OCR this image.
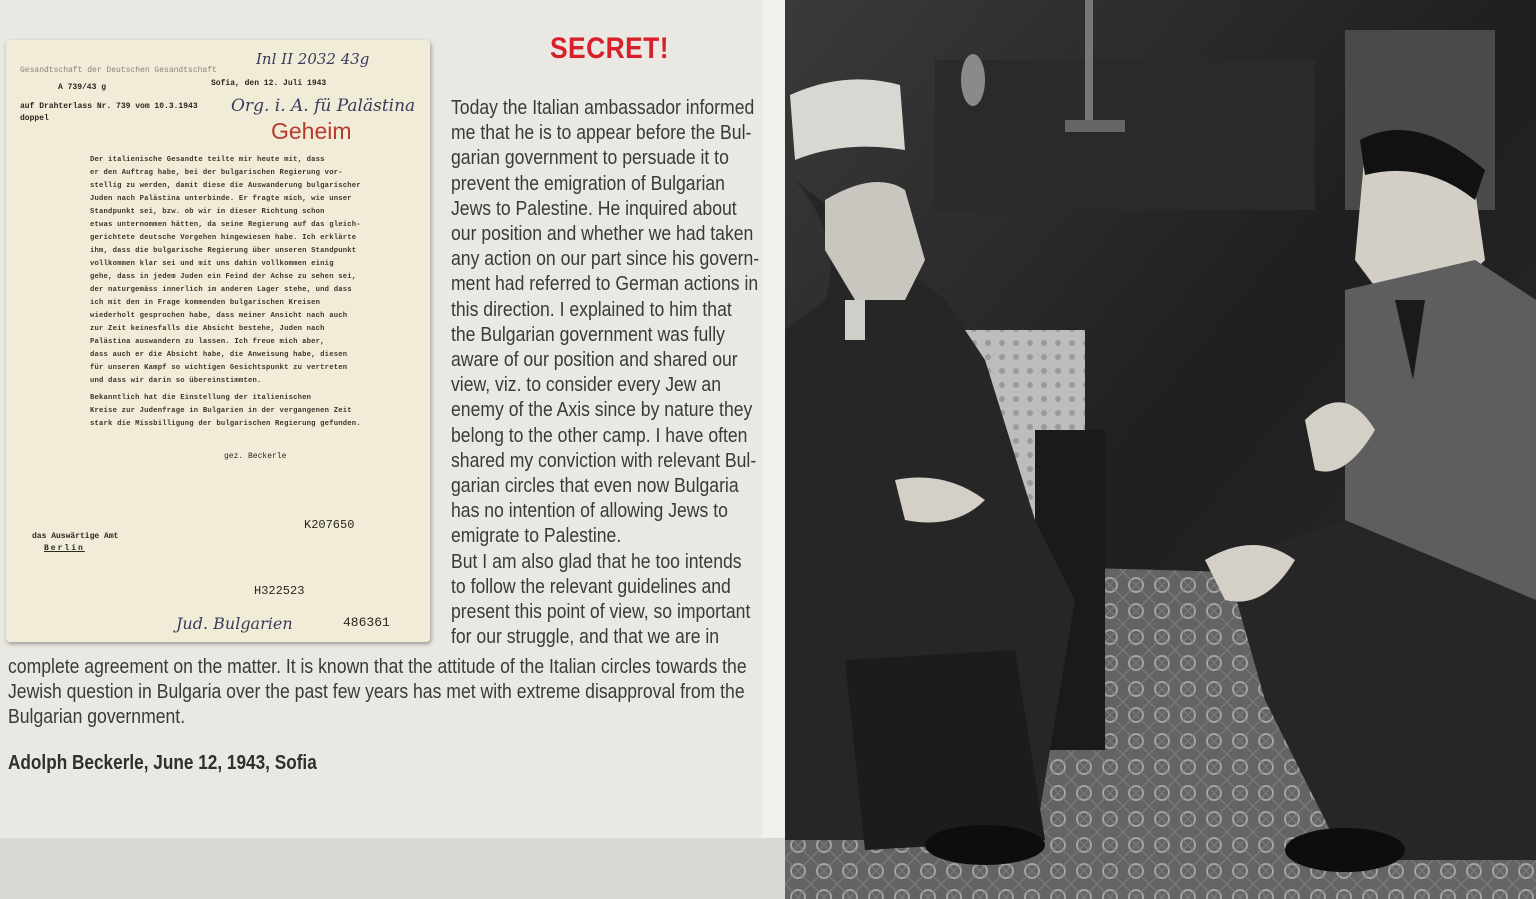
Gesandtschaft der Deutschen Gesandtschaft
Inl II 2032 43g
Sofia, den 12. Juli 1943
A 739/43 g
auf Drahterlass Nr. 739 vom 10.3.1943
doppel
Org. i. A. fü Palästina
Geheim
Der italienische Gesandte teilte mir heute mit, dass
er den Auftrag habe, bei der bulgarischen Regierung vor-
stellig zu werden, damit diese die Auswanderung bulgarischer
Juden nach Palästina unterbinde. Er fragte mich, wie unser
Standpunkt sei, bzw. ob wir in dieser Richtung schon
etwas unternommen hätten, da seine Regierung auf das gleich-
gerichtete deutsche Vorgehen hingewiesen habe. Ich erklärte
ihm, dass die bulgarische Regierung über unseren Standpunkt
vollkommen klar sei und mit uns dahin vollkommen einig
gehe, dass in jedem Juden ein Feind der Achse zu sehen sei,
der naturgemäss innerlich im anderen Lager stehe, und dass
ich mit den in Frage kommenden bulgarischen Kreisen
wiederholt gesprochen habe, dass meiner Ansicht nach auch
zur Zeit keinesfalls die Absicht bestehe, Juden nach
Palästina auswandern zu lassen. Ich freue mich aber,
dass auch er die Absicht habe, die Anweisung habe, diesen
für unseren Kampf so wichtigen Gesichtspunkt zu vertreten
und dass wir darin so übereinstimmten.
Bekanntlich hat die Einstellung der italienischen
Kreise zur Judenfrage in Bulgarien in der vergangenen Zeit
stark die Missbilligung der bulgarischen Regierung gefunden.
gez. Beckerle
K207650
das Auswärtige Amt
Berlin
H322523
Jud. Bulgarien	486361
SECRET!
Today the Italian ambassador informed
me that he is to appear before the Bul-
garian government to persuade it to
prevent the emigration of Bulgarian
Jews to Palestine. He inquired about
our position and whether we had taken
any action on our part since his govern-
ment had referred to German actions in
this direction. I explained to him that
the Bulgarian government was fully
aware of our position and shared our
view, viz. to consider every Jew an
enemy of the Axis since by nature they
belong to the other camp. I have often
shared my conviction with relevant Bul-
garian circles that even now Bulgaria
has no intention of allowing Jews to
emigrate to Palestine.
But I am also glad that he too intends
to follow the relevant guidelines and
present this point of view, so important
for our struggle, and that we are in
complete agreement on the matter. It is known that the attitude of the Italian circles towards the
Jewish question in Bulgaria over the past few years has met with extreme disapproval from the
Bulgarian government.
Adolph Beckerle, June 12, 1943, Sofia
